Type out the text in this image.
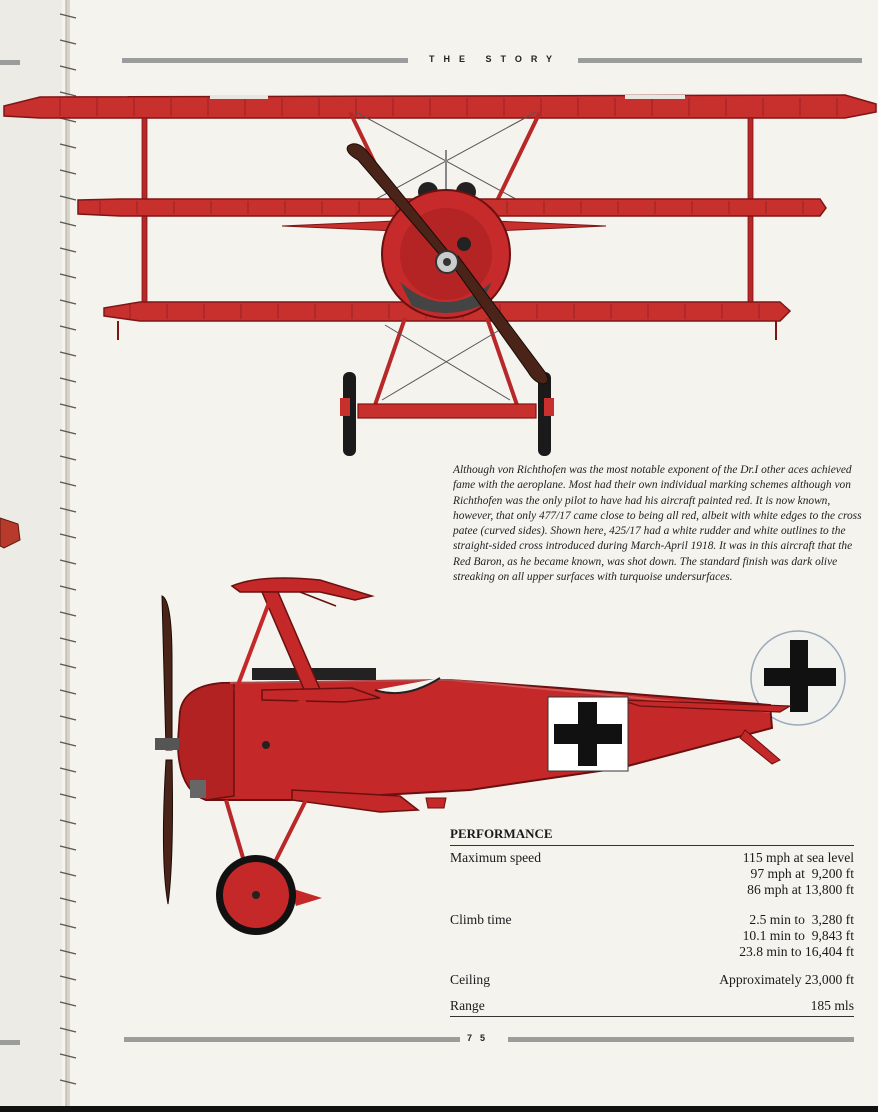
THE STORY

Although von Richthofen was the most notable exponent of the Dr.I other aces achieved fame with the aeroplane. Most had their own individual marking schemes although von Richthofen was the only pilot to have had his aircraft painted red. It is now known, however, that only 477/17 came close to being all red, albeit with white edges to the cross patee (curved sides). Shown here, 425/17 had a white rudder and white outlines to the straight-sided cross introduced during March-April 1918. It was in this aircraft that the Red Baron, as he became known, was shot down. The standard finish was dark olive streaking on all upper surfaces with turquoise undersurfaces.

PERFORMANCE
Maximum speed	115 mph at sea level
97 mph at  9,200 ft
86 mph at 13,800 ft
Climb time	2.5 min to  3,280 ft
10.1 min to  9,843 ft
23.8 min to 16,404 ft
Ceiling	Approximately 23,000 ft
Range	185 mls
75
